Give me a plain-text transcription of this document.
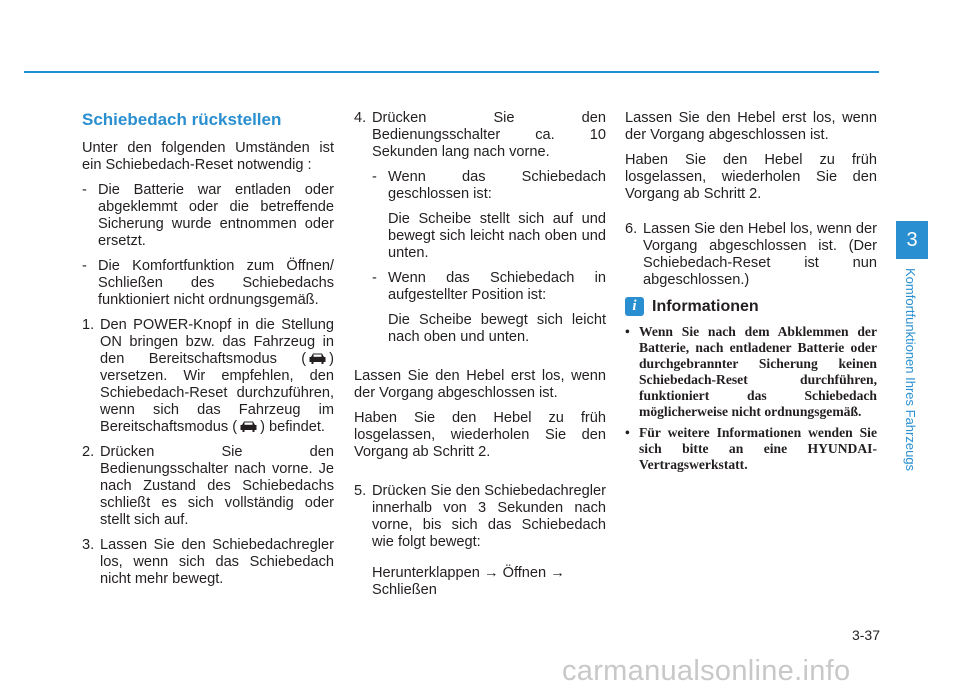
Schiebedach rückstellen

Unter den folgenden Umständen ist ein Schiebedach-Reset notwendig :

- Die Batterie war entladen oder abgeklemmt oder die betreffende Sicherung wurde entnommen oder ersetzt.
- Die Komfortfunktion zum Öffnen/ Schließen des Schiebedachs funktioniert nicht ordnungsgemäß.
1. Den POWER-Knopf in die Stellung ON bringen bzw. das Fahrzeug in den Bereitschaftsmodus ( ) versetzen. Wir empfehlen, den Schiebedach-Reset durchzuführen, wenn sich das Fahrzeug im Bereitschaftsmodus ( ) befindet.
2. Drücken Sie den Bedienungsschalter nach vorne. Je nach Zustand des Schiebedachs schließt es sich vollständig oder stellt sich auf.
3. Lassen Sie den Schiebedachregler los, wenn sich das Schiebedach nicht mehr bewegt.
4. Drücken Sie den Bedienungsschalter ca. 10 Sekunden lang nach vorne.
- Wenn das Schiebedach geschlossen ist:

Die Scheibe stellt sich auf und bewegt sich leicht nach oben und unten.

- Wenn das Schiebedach in aufgestellter Position ist:

Die Scheibe bewegt sich leicht nach oben und unten.

Lassen Sie den Hebel erst los, wenn der Vorgang abgeschlossen ist.

Haben Sie den Hebel zu früh losgelassen, wiederholen Sie den Vorgang ab Schritt 2.

5. Drücken Sie den Schiebedachregler innerhalb von 3 Sekunden nach vorne, bis sich das Schiebedach wie folgt bewegt:

Herunterklappen → Öffnen → Schließen

Lassen Sie den Hebel erst los, wenn der Vorgang abgeschlossen ist.

Haben Sie den Hebel zu früh losgelassen, wiederholen Sie den Vorgang ab Schritt 2.

6. Lassen Sie den Hebel los, wenn der Vorgang abgeschlossen ist. (Der Schiebedach-Reset ist nun abgeschlossen.)
i Informationen
• Wenn Sie nach dem Abklemmen der Batterie, nach entladener Batterie oder durchgebrannter Sicherung keinen Schiebedach-Reset durchführen, funktioniert das Schiebedach möglicherweise nicht ordnungsgemäß.
• Für weitere Informationen wenden Sie sich bitte an eine HYUNDAI-Vertragswerkstatt.
3
Komfortfunktionen Ihres Fahrzeugs
3-37
carmanualsonline.info
